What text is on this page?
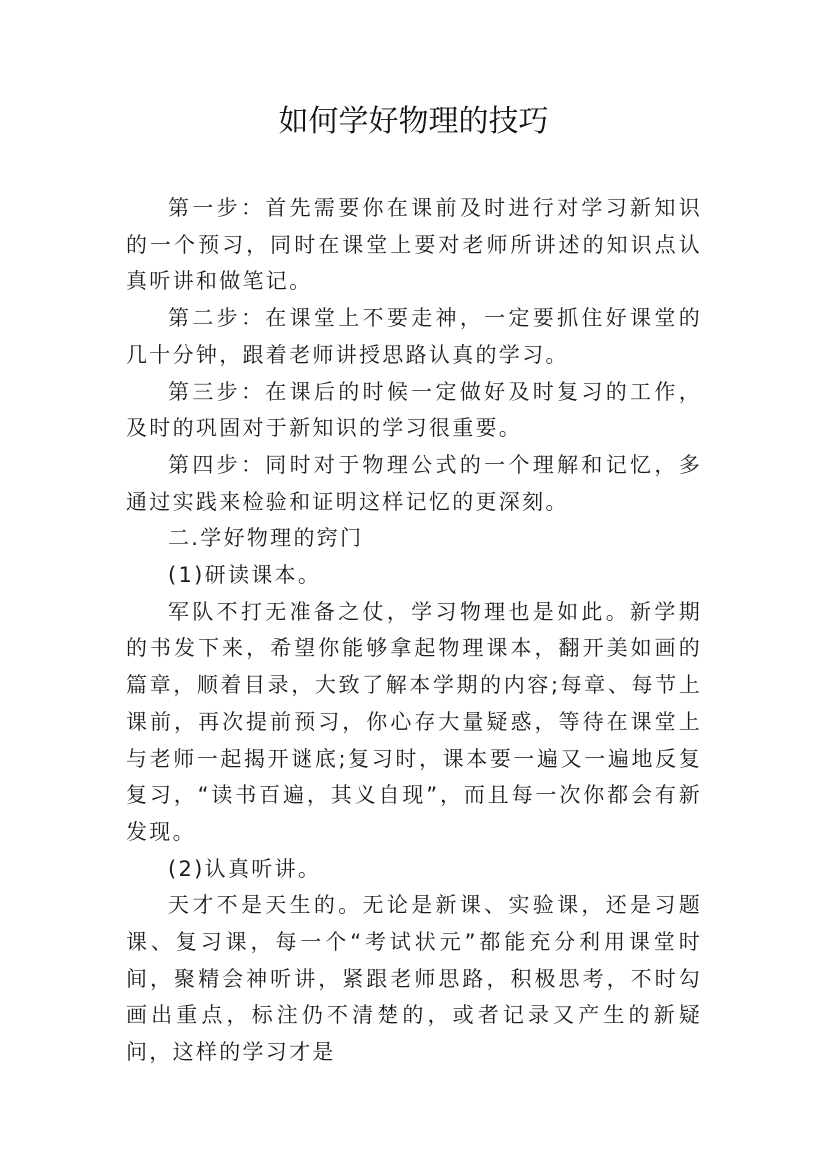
如何学好物理的技巧

第一步：首先需要你在课前及时进行对学习新知识的一个预习，同时在课堂上要对老师所讲述的知识点认真听讲和做笔记。

第二步：在课堂上不要走神，一定要抓住好课堂的几十分钟，跟着老师讲授思路认真的学习。

第三步：在课后的时候一定做好及时复习的工作，及时的巩固对于新知识的学习很重要。

第四步：同时对于物理公式的一个理解和记忆，多通过实践来检验和证明这样记忆的更深刻。

二.学好物理的窍门

(1)研读课本。

军队不打无准备之仗，学习物理也是如此。新学期的书发下来，希望你能够拿起物理课本，翻开美如画的篇章，顺着目录，大致了解本学期的内容;每章、每节上课前，再次提前预习，你心存大量疑惑，等待在课堂上与老师一起揭开谜底;复习时，课本要一遍又一遍地反复复习，“读书百遍，其义自现”，而且每一次你都会有新发现。

(2)认真听讲。

天才不是天生的。无论是新课、实验课，还是习题课、复习课，每一个“考试状元”都能充分利用课堂时间，聚精会神听讲，紧跟老师思路，积极思考，不时勾画出重点，标注仍不清楚的，或者记录又产生的新疑问，这样的学习才是
